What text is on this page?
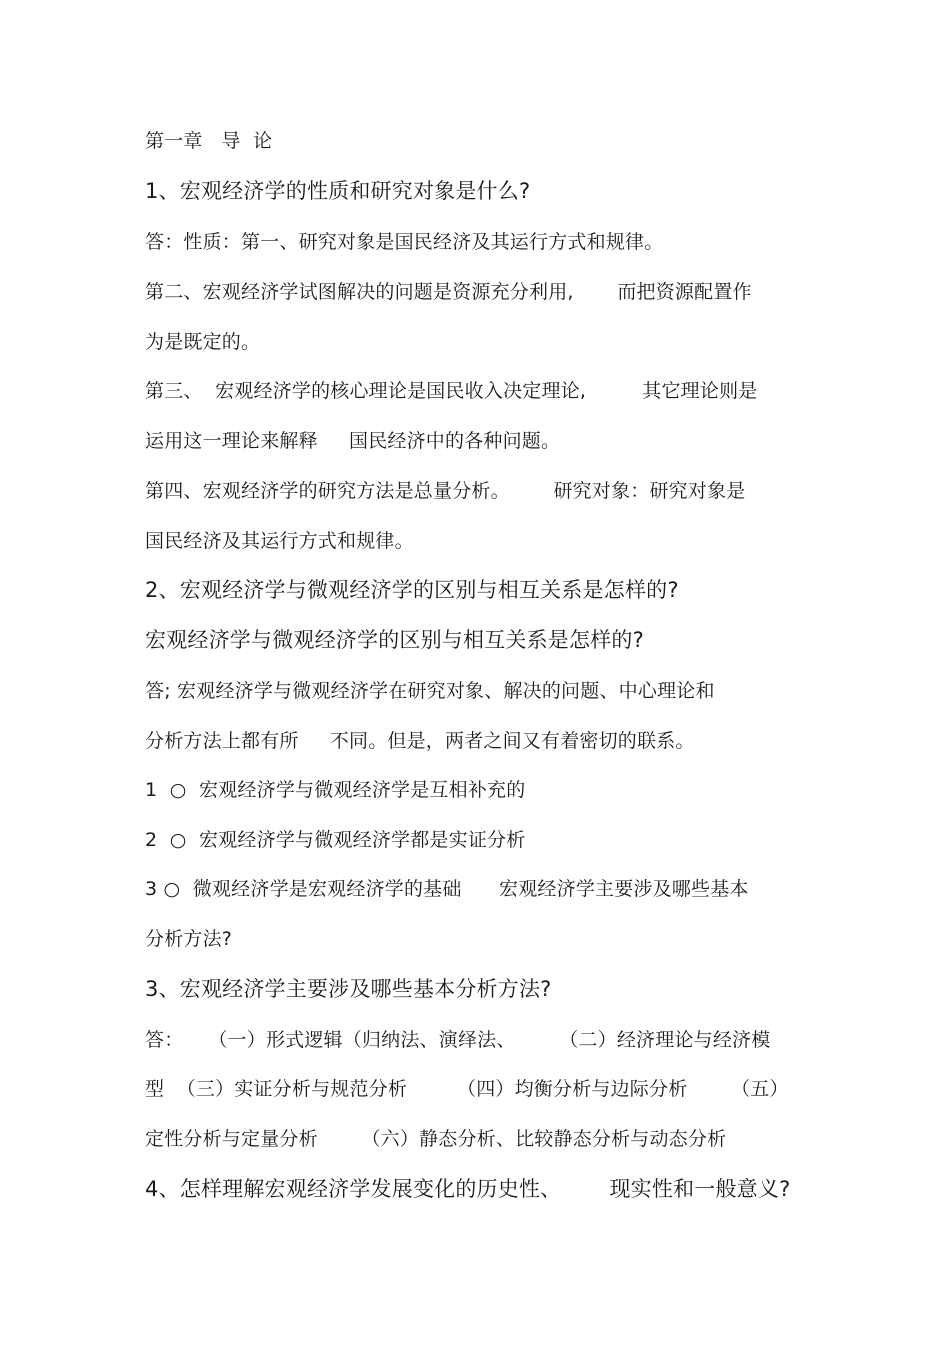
第一章   导  论
1、宏观经济学的性质和研究对象是什么?
答：性质：第一、研究对象是国民经济及其运行方式和规律。
第二、宏观经济学试图解决的问题是资源充分利用,       而把资源配置作
为是既定的。
第三、  宏观经济学的核心理论是国民收入决定理论,         其它理论则是
运用这一理论来解释     国民经济中的各种问题。
第四、宏观经济学的研究方法是总量分析。       研究对象：研究对象是
国民经济及其运行方式和规律。
2、宏观经济学与微观经济学的区别与相互关系是怎样的?
宏观经济学与微观经济学的区别与相互关系是怎样的?
答; 宏观经济学与微观经济学在研究对象、解决的问题、中心理论和
分析方法上都有所     不同。但是，两者之间又有着密切的联系。
1  ○  宏观经济学与微观经济学是互相补充的
2  ○  宏观经济学与微观经济学都是实证分析
3 ○  微观经济学是宏观经济学的基础      宏观经济学主要涉及哪些基本
分析方法?
3、宏观经济学主要涉及哪些基本分析方法?
答：    （一）形式逻辑（归纳法、演绎法、       （二）经济理论与经济模
型  （三）实证分析与规范分析        （四）均衡分析与边际分析       （五）
定性分析与定量分析       （六）静态分析、比较静态分析与动态分析
4、怎样理解宏观经济学发展变化的历史性、       现实性和一般意义?
